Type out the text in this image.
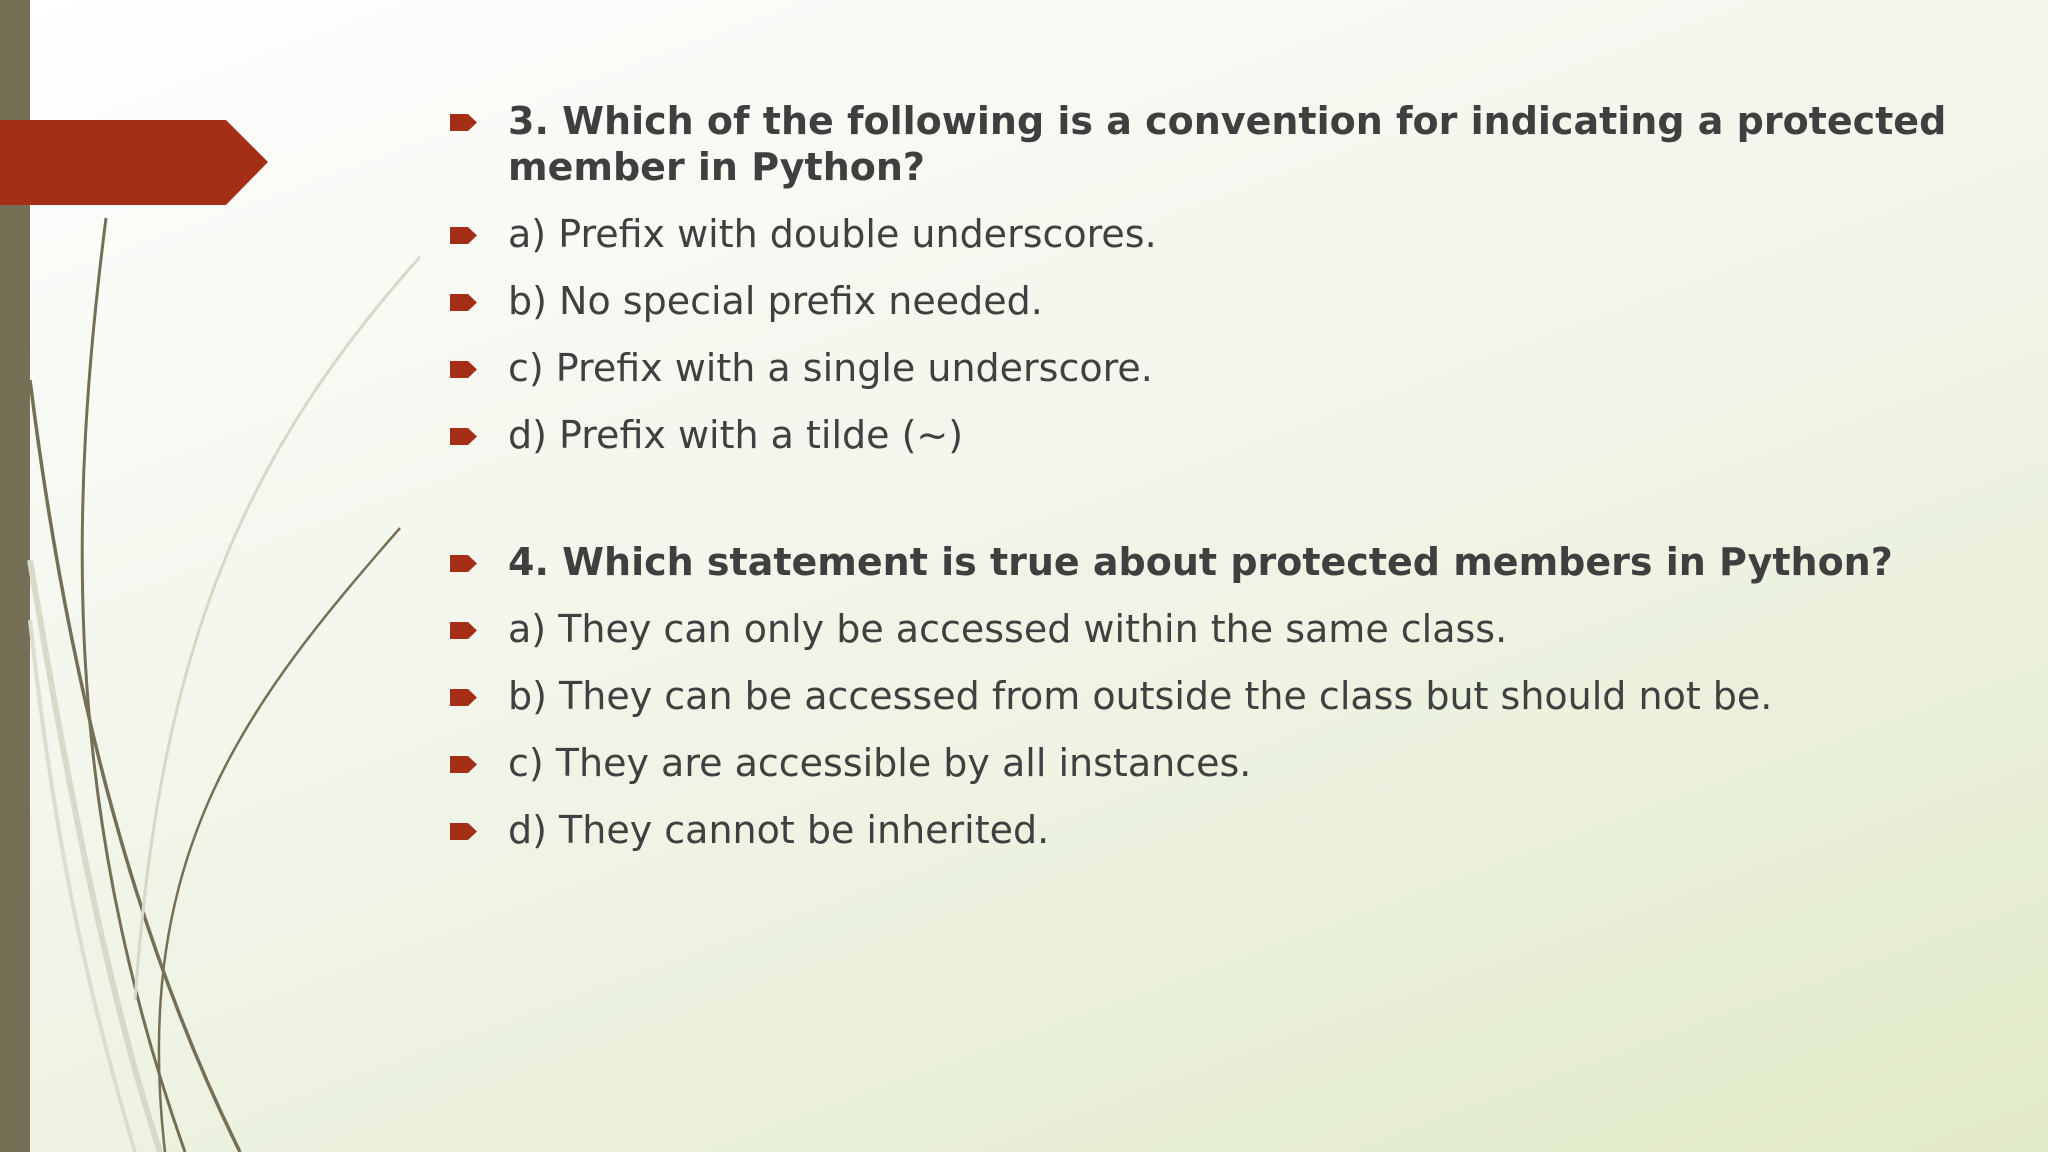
3. Which of the following is a convention for indicating a protected member in Python?
a) Prefix with double underscores.
b) No special prefix needed.
c) Prefix with a single underscore.
d) Prefix with a tilde (~)
4. Which statement is true about protected members in Python?
a) They can only be accessed within the same class.
b) They can be accessed from outside the class but should not be.
c) They are accessible by all instances.
d) They cannot be inherited.
